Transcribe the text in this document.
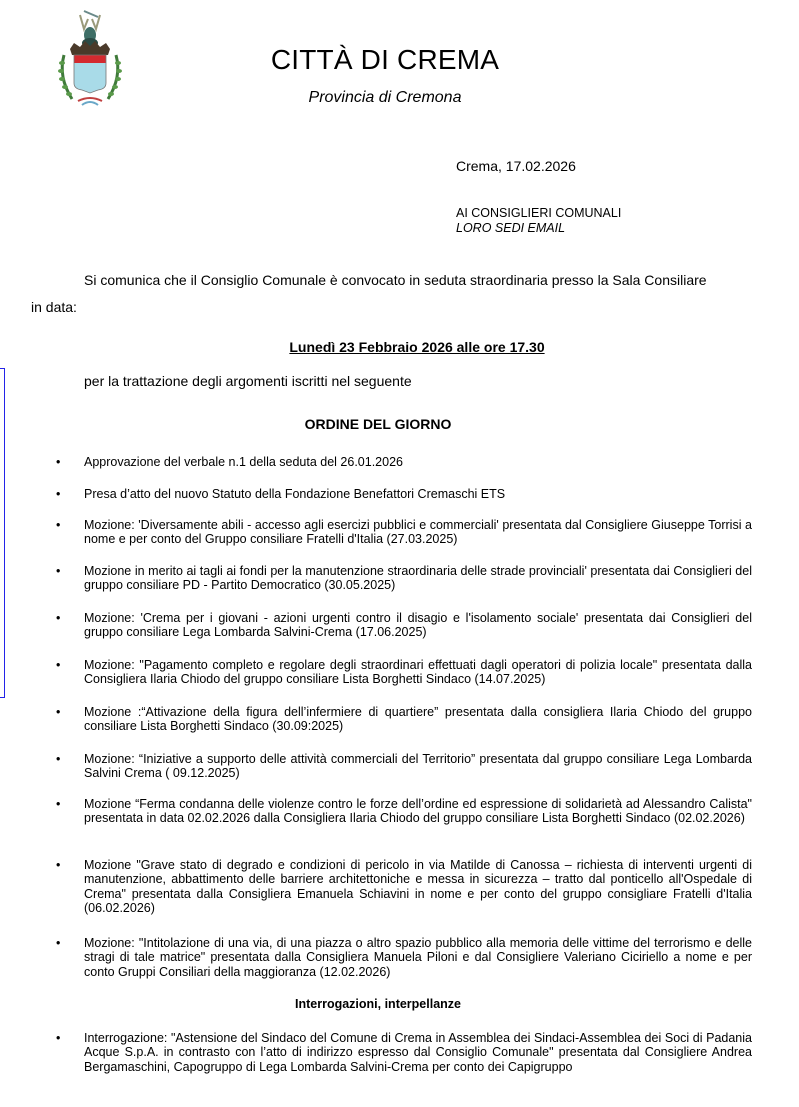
CITTÀ DI CREMA
Provincia di Cremona
Crema, 17.02.2026
AI CONSIGLIERI COMUNALI
LORO SEDI EMAIL
Si comunica che il Consiglio Comunale è convocato in seduta straordinaria presso la Sala Consiliare
in data:
Lunedì 23 Febbraio 2026 alle ore 17.30
per la trattazione degli argomenti iscritti nel seguente
ORDINE DEL GIORNO
•	Approvazione del verbale n.1 della seduta del 26.01.2026
•	Presa d’atto del nuovo Statuto della Fondazione Benefattori Cremaschi ETS
•	Mozione: 'Diversamente abili - accesso agli esercizi pubblici e commerciali' presentata dal Consigliere Giuseppe Torrisi a nome e per conto del Gruppo consiliare Fratelli d'Italia (27.03.2025)
•	Mozione in merito ai tagli ai fondi per la manutenzione straordinaria delle strade provinciali' presentata dai Consiglieri del gruppo consiliare PD - Partito Democratico (30.05.2025)
•	Mozione: 'Crema per i giovani - azioni urgenti contro il disagio e l'isolamento sociale' presentata dai Consiglieri del gruppo consiliare Lega Lombarda Salvini-Crema (17.06.2025)
•	Mozione: "Pagamento completo e regolare degli straordinari effettuati dagli operatori di polizia locale" presentata dalla Consigliera Ilaria Chiodo del gruppo consiliare Lista Borghetti Sindaco (14.07.2025)
•	Mozione :“Attivazione della figura dell’infermiere di quartiere” presentata dalla consigliera Ilaria Chiodo del gruppo consiliare Lista Borghetti Sindaco (30.09:2025)
•	Mozione: “Iniziative a supporto delle attività commerciali del Territorio” presentata dal gruppo consiliare Lega Lombarda Salvini Crema ( 09.12.2025)
•	Mozione “Ferma condanna delle violenze contro le forze dell’ordine ed espressione di solidarietà ad Alessandro Calista" presentata in data 02.02.2026 dalla Consigliera Ilaria Chiodo del gruppo consiliare Lista Borghetti Sindaco (02.02.2026)
•	Mozione "Grave stato di degrado e condizioni di pericolo in via Matilde di Canossa – richiesta di interventi urgenti di manutenzione, abbattimento delle barriere architettoniche e messa in sicurezza – tratto dal ponticello all'Ospedale di Crema" presentata dalla Consigliera Emanuela Schiavini in nome e per conto del gruppo consigliare Fratelli d'Italia (06.02.2026)
•	Mozione: "Intitolazione di una via, di una piazza o altro spazio pubblico alla memoria delle vittime del terrorismo e delle stragi di tale matrice" presentata dalla Consigliera Manuela Piloni e dal Consigliere Valeriano Ciciriello a nome e per conto Gruppi Consiliari della maggioranza (12.02.2026)
Interrogazioni, interpellanze
•	Interrogazione: "Astensione del Sindaco del Comune di Crema in Assemblea dei Sindaci-Assemblea dei Soci di Padania Acque S.p.A. in contrasto con l’atto di indirizzo espresso dal Consiglio Comunale" presentata dal Consigliere Andrea Bergamaschini, Capogruppo di Lega Lombarda Salvini-Crema per conto dei Capigruppo
